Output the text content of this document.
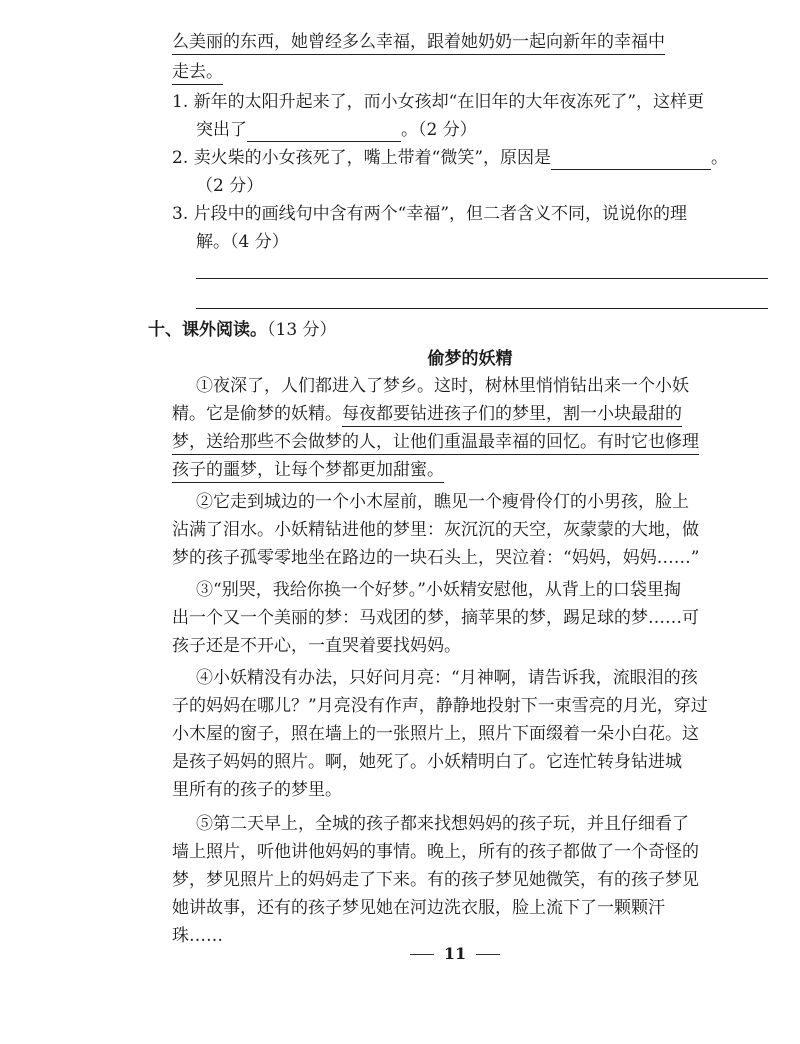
么美丽的东西，她曾经多么幸福，跟着她奶奶一起向新年的幸福中
走去。
1. 新年的太阳升起来了，而小女孩却“在旧年的大年夜冻死了”，这样更
突出了	。（2 分）
2. 卖火柴的小女孩死了，嘴上带着“微笑”，原因是	。
（2 分）
3. 片段中的画线句中含有两个“幸福”，但二者含义不同，说说你的理
解。（4 分）
十、课外阅读。（13 分）
偷梦的妖精
①夜深了，人们都进入了梦乡。这时，树林里悄悄钻出来一个小妖
精。它是偷梦的妖精。每夜都要钻进孩子们的梦里，割一小块最甜的
梦，送给那些不会做梦的人，让他们重温最幸福的回忆。有时它也修理
孩子的噩梦，让每个梦都更加甜蜜。
②它走到城边的一个小木屋前，瞧见一个瘦骨伶仃的小男孩，脸上
沾满了泪水。小妖精钻进他的梦里：灰沉沉的天空，灰蒙蒙的大地，做
梦的孩子孤零零地坐在路边的一块石头上，哭泣着：“妈妈，妈妈……”
③“别哭，我给你换一个好梦。”小妖精安慰他，从背上的口袋里掏
出一个又一个美丽的梦：马戏团的梦，摘苹果的梦，踢足球的梦……可
孩子还是不开心，一直哭着要找妈妈。
④小妖精没有办法，只好问月亮：“月神啊，请告诉我，流眼泪的孩
子的妈妈在哪儿？”月亮没有作声，静静地投射下一束雪亮的月光，穿过
小木屋的窗子，照在墙上的一张照片上，照片下面缀着一朵小白花。这
是孩子妈妈的照片。啊，她死了。小妖精明白了。它连忙转身钻进城
里所有的孩子的梦里。
⑤第二天早上，全城的孩子都来找想妈妈的孩子玩，并且仔细看了
墙上照片，听他讲他妈妈的事情。晚上，所有的孩子都做了一个奇怪的
梦，梦见照片上的妈妈走了下来。有的孩子梦见她微笑，有的孩子梦见
她讲故事，还有的孩子梦见她在河边洗衣服，脸上流下了一颗颗汗
珠……
11
